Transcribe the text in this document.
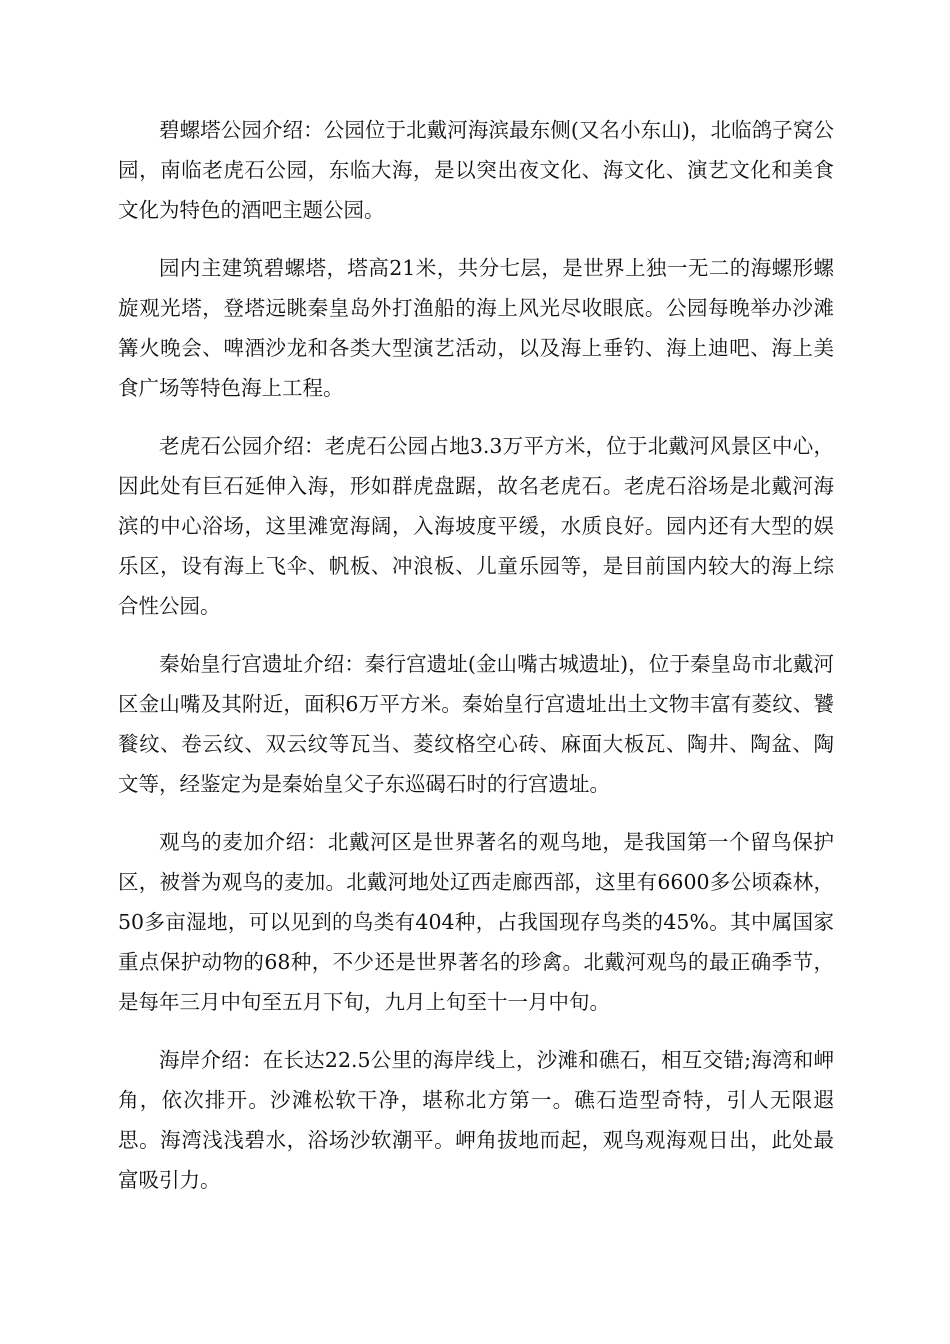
碧螺塔公园介绍：公园位于北戴河海滨最东侧(又名小东山)，北临鸽子窝公园，南临老虎石公园，东临大海，是以突出夜文化、海文化、演艺文化和美食文化为特色的酒吧主题公园。

园内主建筑碧螺塔，塔高21米，共分七层，是世界上独一无二的海螺形螺旋观光塔，登塔远眺秦皇岛外打渔船的海上风光尽收眼底。公园每晚举办沙滩篝火晚会、啤酒沙龙和各类大型演艺活动，以及海上垂钓、海上迪吧、海上美食广场等特色海上工程。

老虎石公园介绍：老虎石公园占地3.3万平方米，位于北戴河风景区中心，因此处有巨石延伸入海，形如群虎盘踞，故名老虎石。老虎石浴场是北戴河海滨的中心浴场，这里滩宽海阔，入海坡度平缓，水质良好。园内还有大型的娱乐区，设有海上飞伞、帆板、冲浪板、儿童乐园等，是目前国内较大的海上综合性公园。

秦始皇行宫遗址介绍：秦行宫遗址(金山嘴古城遗址)，位于秦皇岛市北戴河区金山嘴及其附近，面积6万平方米。秦始皇行宫遗址出土文物丰富有菱纹、饕餮纹、卷云纹、双云纹等瓦当、菱纹格空心砖、麻面大板瓦、陶井、陶盆、陶文等，经鉴定为是秦始皇父子东巡碣石时的行宫遗址。

观鸟的麦加介绍：北戴河区是世界著名的观鸟地，是我国第一个留鸟保护区，被誉为观鸟的麦加。北戴河地处辽西走廊西部，这里有6600多公顷森林，50多亩湿地，可以见到的鸟类有404种，占我国现存鸟类的45%。其中属国家重点保护动物的68种，不少还是世界著名的珍禽。北戴河观鸟的最正确季节，是每年三月中旬至五月下旬，九月上旬至十一月中旬。

海岸介绍：在长达22.5公里的海岸线上，沙滩和礁石，相互交错;海湾和岬角，依次排开。沙滩松软干净，堪称北方第一。礁石造型奇特，引人无限遐思。海湾浅浅碧水，浴场沙软潮平。岬角拔地而起，观鸟观海观日出，此处最富吸引力。
